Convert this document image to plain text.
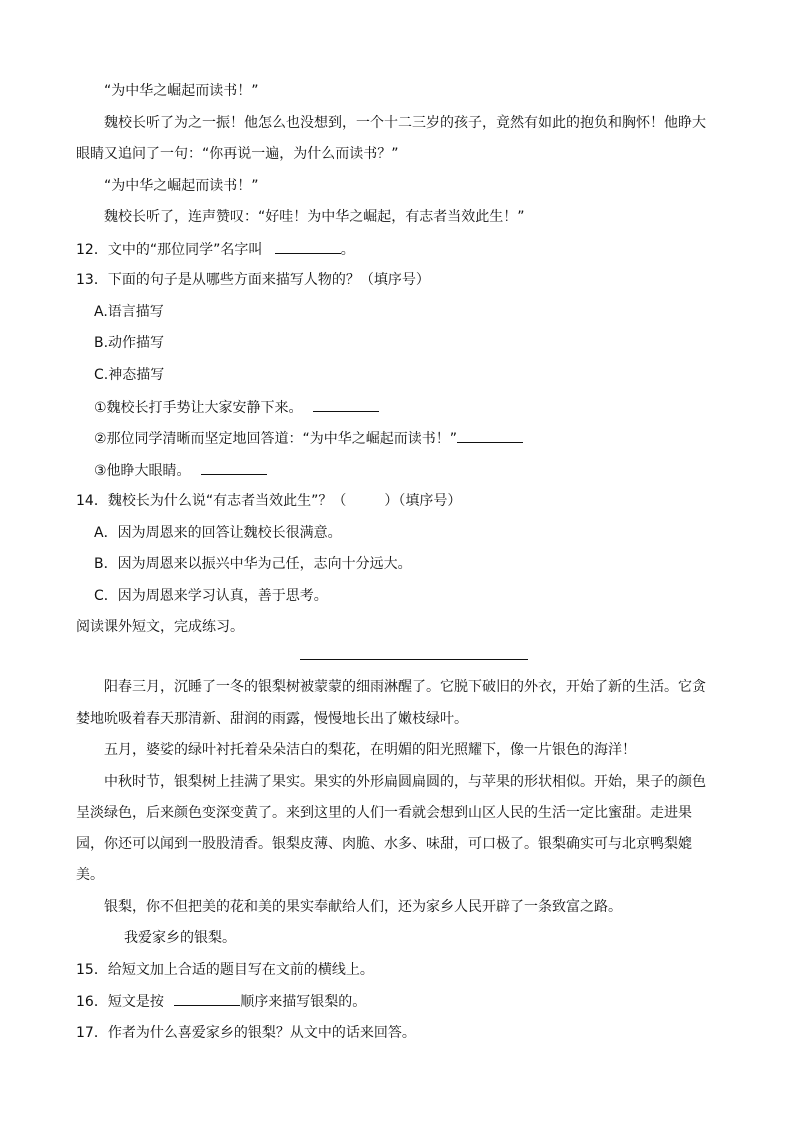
“为中华之崛起而读书！”
魏校长听了为之一振！他怎么也没想到，一个十二三岁的孩子，竟然有如此的抱负和胸怀！他睁大
眼睛又追问了一句：“你再说一遍，为什么而读书？”
“为中华之崛起而读书！”
魏校长听了，连声赞叹：“好哇！为中华之崛起，有志者当效此生！”
12．文中的“那位同学”名字叫	。
13．下面的句子是从哪些方面来描写人物的？（填序号）
A.语言描写
B.动作描写
C.神态描写
①魏校长打手势让大家安静下来。
②那位同学清晰而坚定地回答道：“为中华之崛起而读书！”
③他睁大眼睛。
14．魏校长为什么说“有志者当效此生”？（	）（填序号）
A．因为周恩来的回答让魏校长很满意。
B．因为周恩来以振兴中华为己任，志向十分远大。
C．因为周恩来学习认真，善于思考。
阅读课外短文，完成练习。
阳春三月，沉睡了一冬的银梨树被蒙蒙的细雨淋醒了。它脱下破旧的外衣，开始了新的生活。它贪
婪地吮吸着春天那清新、甜润的雨露，慢慢地长出了嫩枝绿叶。
五月，婆娑的绿叶衬托着朵朵洁白的梨花，在明媚的阳光照耀下，像一片银色的海洋！
中秋时节，银梨树上挂满了果实。果实的外形扁圆扁圆的，与苹果的形状相似。开始，果子的颜色
呈淡绿色，后来颜色变深变黄了。来到这里的人们一看就会想到山区人民的生活一定比蜜甜。走进果
园，你还可以闻到一股股清香。银梨皮薄、肉脆、水多、味甜，可口极了。银梨确实可与北京鸭梨媲
美。
银梨，你不但把美的花和美的果实奉献给人们，还为家乡人民开辟了一条致富之路。
我爱家乡的银梨。
15．给短文加上合适的题目写在文前的横线上。
16．短文是按	顺序来描写银梨的。
17．作者为什么喜爱家乡的银梨？从文中的话来回答。
